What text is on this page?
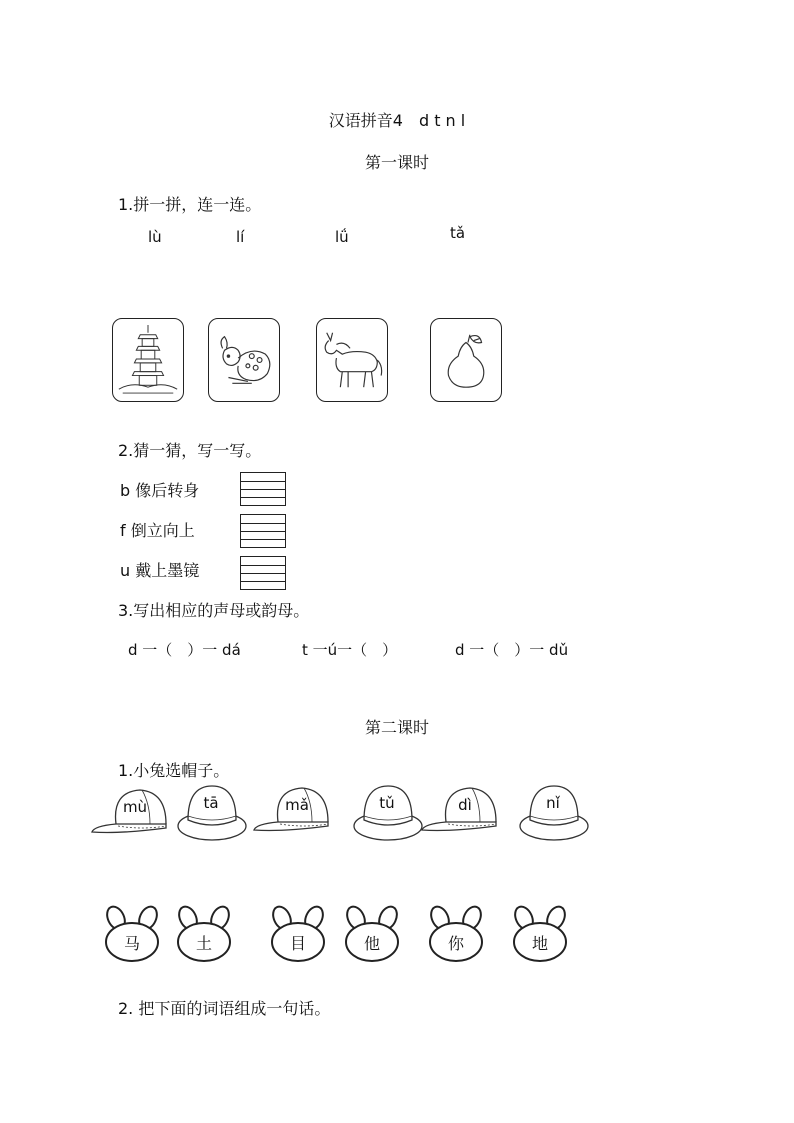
汉语拼音4　d t n l
第一课时
1.拼一拼，连一连。
lù	lí	lǘ	tǎ
2.猜一猜，写一写。
b 像后转身
f 倒立向上
u 戴上墨镜
3.写出相应的声母或韵母。
d 一（　）一 dá	t 一ú一（　）	d 一（　）一 dǔ
第二课时
1.小兔选帽子。
mù	tā	mǎ	tǔ	dì	nǐ
马	土	目	他	你	地
2. 把下面的词语组成一句话。
